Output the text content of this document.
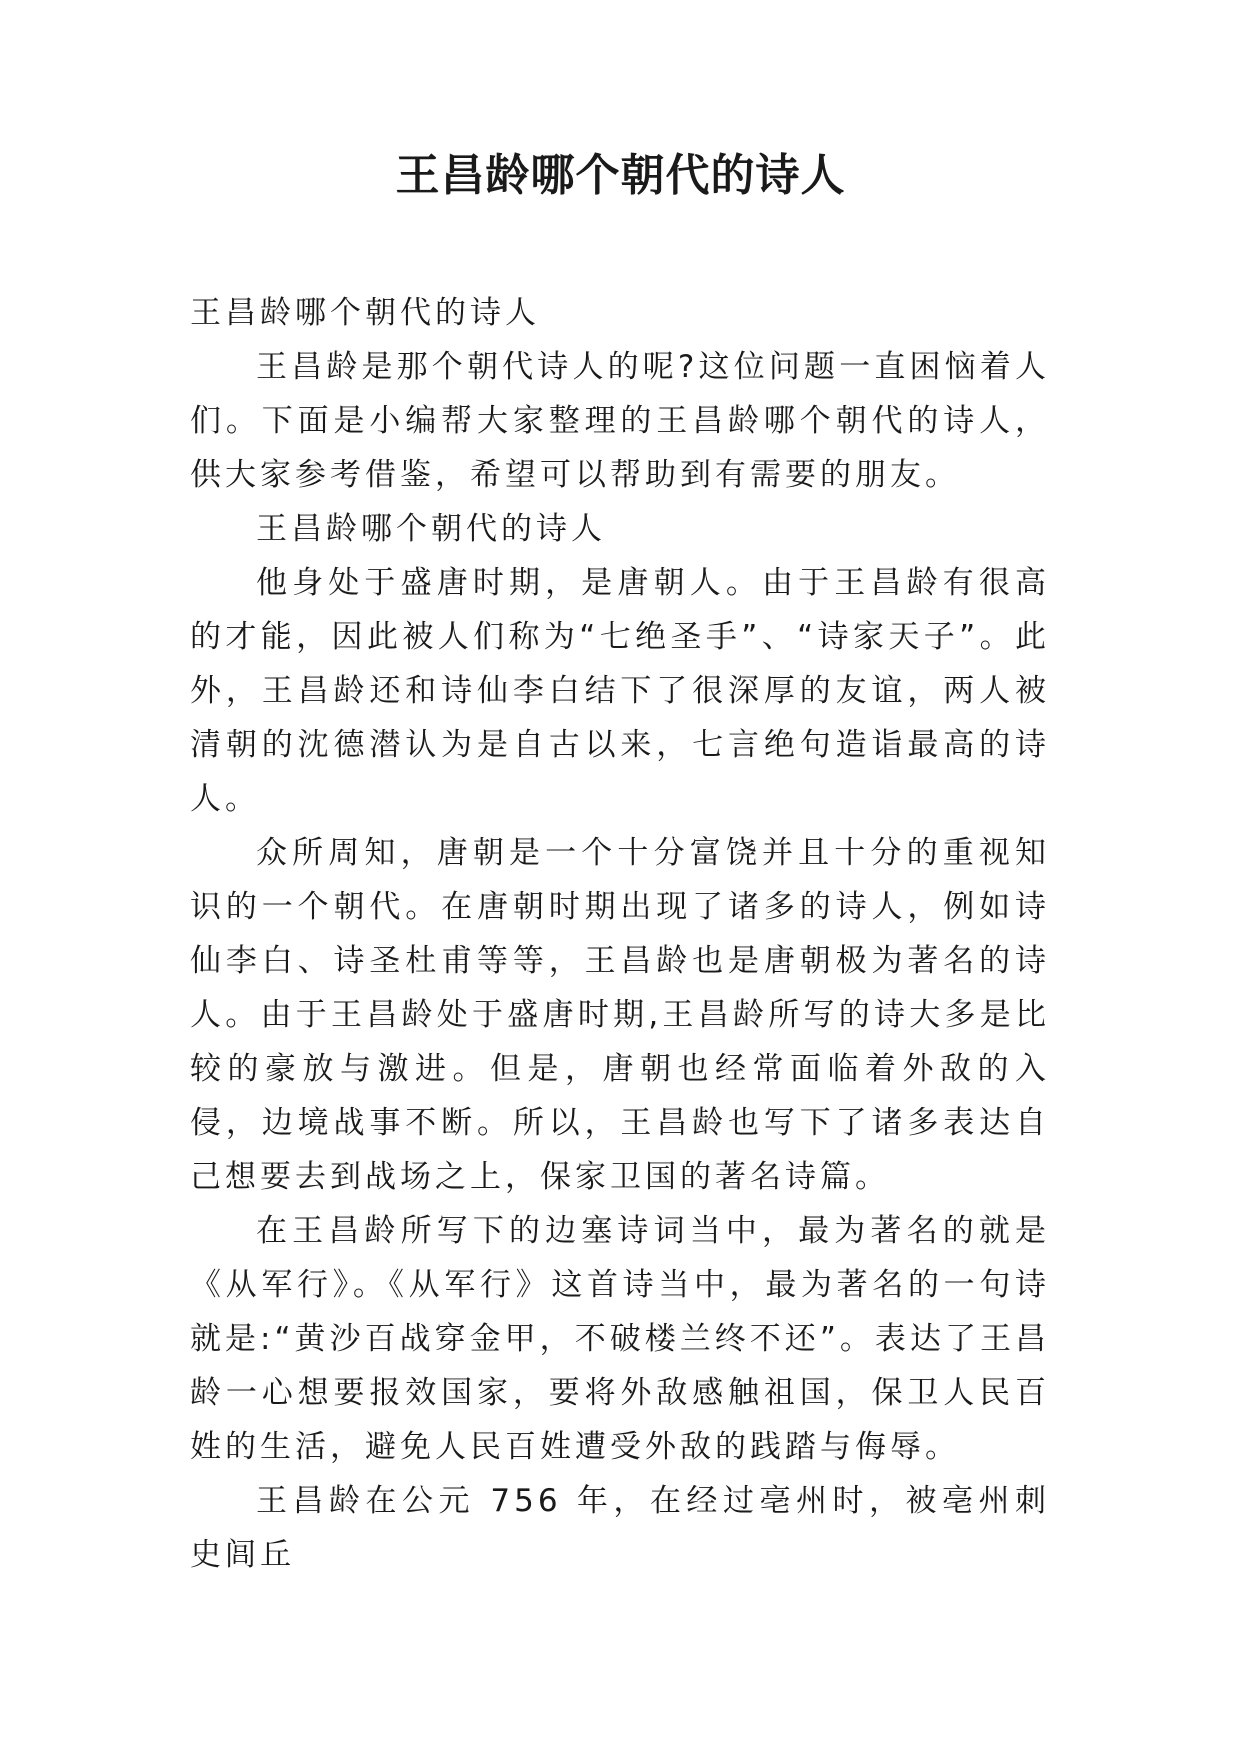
王昌龄哪个朝代的诗人

王昌龄哪个朝代的诗人

王昌龄是那个朝代诗人的呢?这位问题一直困恼着人们。下面是小编帮大家整理的王昌龄哪个朝代的诗人，供大家参考借鉴，希望可以帮助到有需要的朋友。

王昌龄哪个朝代的诗人

他身处于盛唐时期，是唐朝人。由于王昌龄有很高的才能，因此被人们称为“七绝圣手”、“诗家天子”。此外，王昌龄还和诗仙李白结下了很深厚的友谊，两人被清朝的沈德潜认为是自古以来，七言绝句造诣最高的诗人。

众所周知，唐朝是一个十分富饶并且十分的重视知识的一个朝代。在唐朝时期出现了诸多的诗人，例如诗仙李白、诗圣杜甫等等，王昌龄也是唐朝极为著名的诗人。由于王昌龄处于盛唐时期,王昌龄所写的诗大多是比较的豪放与激进。但是，唐朝也经常面临着外敌的入侵，边境战事不断。所以，王昌龄也写下了诸多表达自己想要去到战场之上，保家卫国的著名诗篇。

在王昌龄所写下的边塞诗词当中，最为著名的就是《从军行》。《从军行》这首诗当中，最为著名的一句诗就是:“黄沙百战穿金甲，不破楼兰终不还”。表达了王昌龄一心想要报效国家，要将外敌感触祖国，保卫人民百姓的生活，避免人民百姓遭受外敌的践踏与侮辱。

王昌龄在公元 756 年，在经过亳州时，被亳州刺史闾丘
